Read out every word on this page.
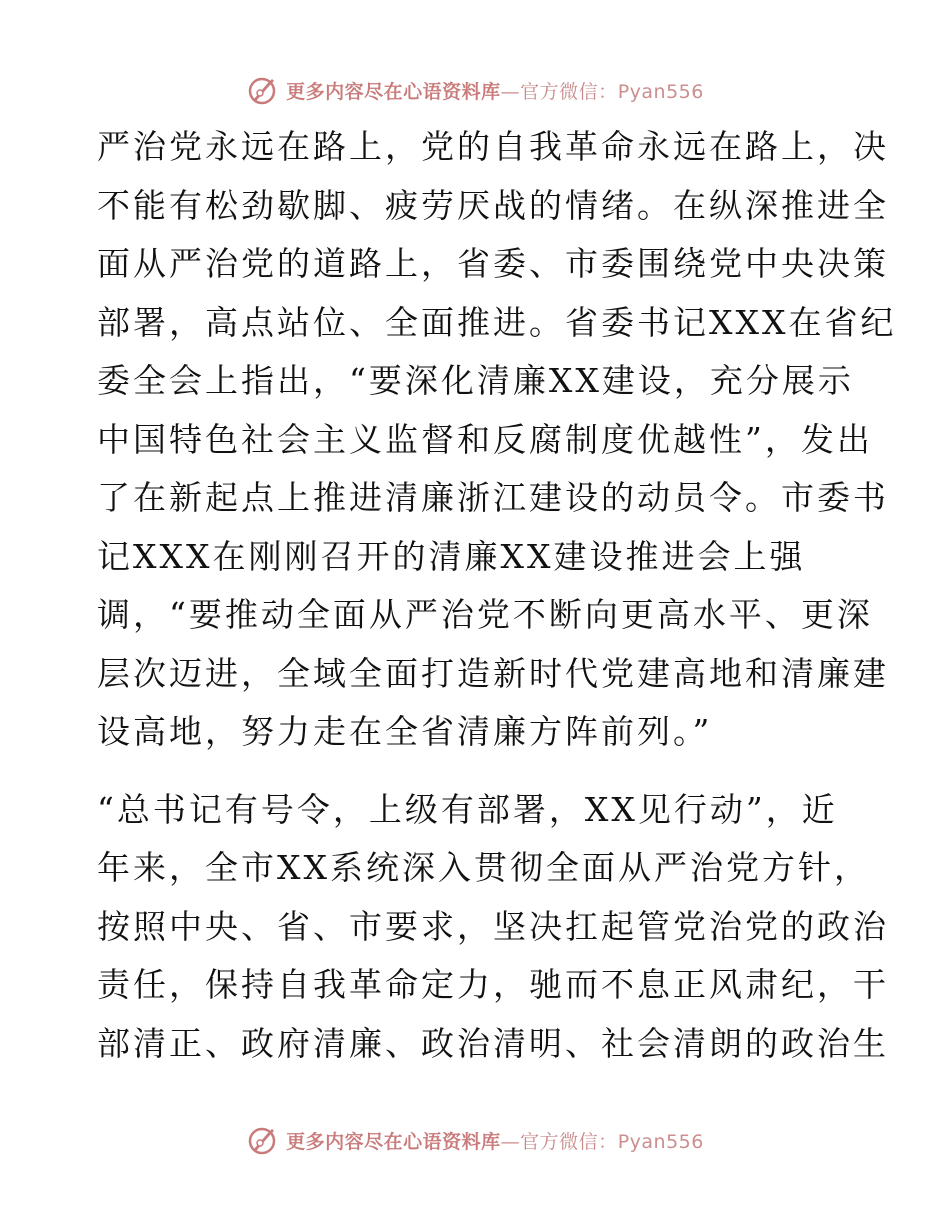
更多内容尽在心语资料库—官方微信：Pyan556
严治党永远在路上，党的自我革命永远在路上，决
不能有松劲歇脚、疲劳厌战的情绪。在纵深推进全
面从严治党的道路上，省委、市委围绕党中央决策
部署，高点站位、全面推进。省委书记XXX在省纪
委全会上指出，“要深化清廉XX建设，充分展示
中国特色社会主义监督和反腐制度优越性”，发出
了在新起点上推进清廉浙江建设的动员令。市委书
记XXX在刚刚召开的清廉XX建设推进会上强
调，“要推动全面从严治党不断向更高水平、更深
层次迈进，全域全面打造新时代党建高地和清廉建
设高地，努力走在全省清廉方阵前列。”
“总书记有号令，上级有部署，XX见行动”，近
年来，全市XX系统深入贯彻全面从严治党方针，
按照中央、省、市要求，坚决扛起管党治党的政治
责任，保持自我革命定力，驰而不息正风肃纪，干
部清正、政府清廉、政治清明、社会清朗的政治生
更多内容尽在心语资料库—官方微信：Pyan556
